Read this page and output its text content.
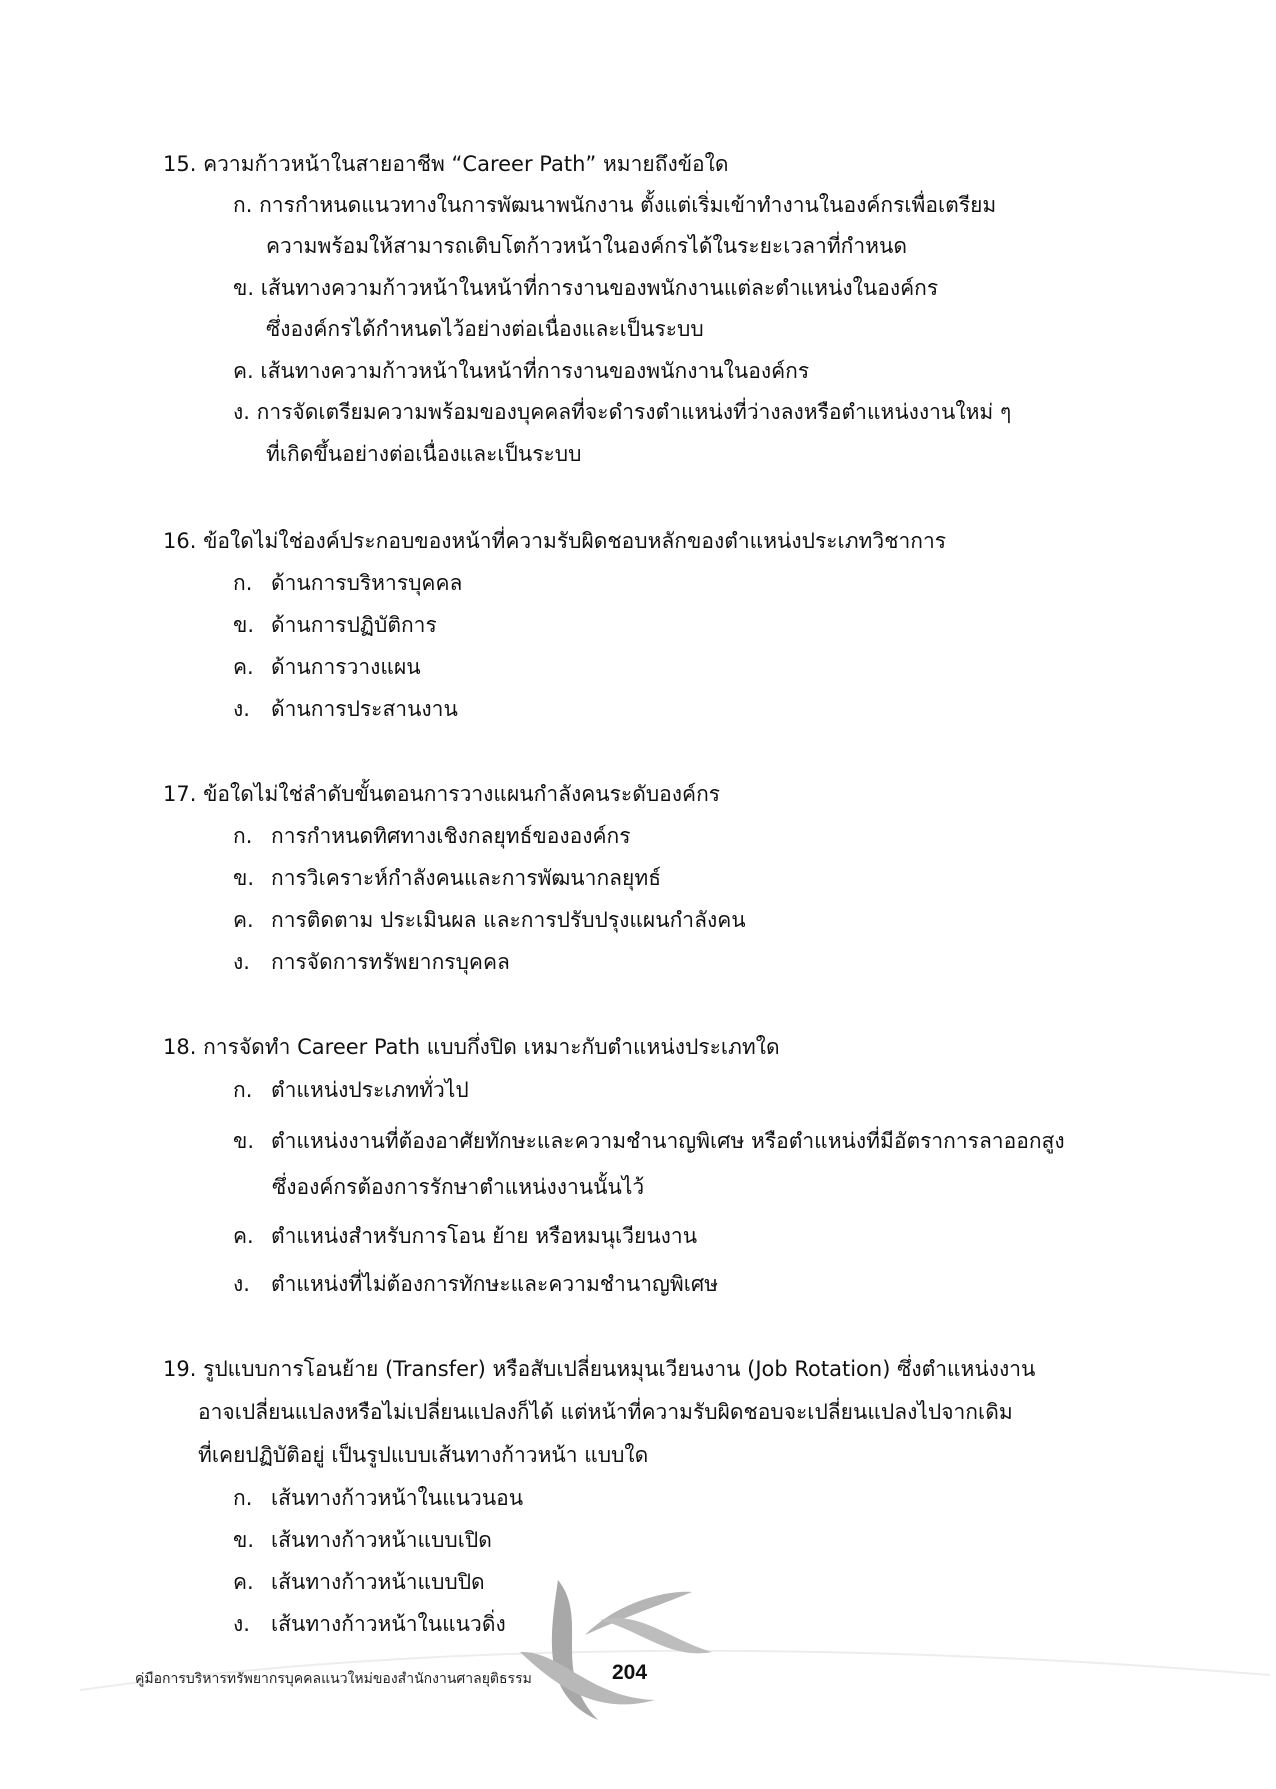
15. ความก้าวหน้าในสายอาชีพ “Career Path” หมายถึงข้อใด
ก. การกำหนดแนวทางในการพัฒนาพนักงาน ตั้งแต่เริ่มเข้าทำงานในองค์กรเพื่อเตรียม
ความพร้อมให้สามารถเติบโตก้าวหน้าในองค์กรได้ในระยะเวลาที่กำหนด
ข. เส้นทางความก้าวหน้าในหน้าที่การงานของพนักงานแต่ละตำแหน่งในองค์กร
ซึ่งองค์กรได้กำหนดไว้อย่างต่อเนื่องและเป็นระบบ
ค. เส้นทางความก้าวหน้าในหน้าที่การงานของพนักงานในองค์กร
ง. การจัดเตรียมความพร้อมของบุคคลที่จะดำรงตำแหน่งที่ว่างลงหรือตำแหน่งงานใหม่ ๆ
ที่เกิดขึ้นอย่างต่อเนื่องและเป็นระบบ
16. ข้อใดไม่ใช่องค์ประกอบของหน้าที่ความรับผิดชอบหลักของตำแหน่งประเภทวิชาการ
ก. ด้านการบริหารบุคคล
ข. ด้านการปฏิบัติการ
ค. ด้านการวางแผน
ง. ด้านการประสานงาน
17. ข้อใดไม่ใช่ลำดับขั้นตอนการวางแผนกำลังคนระดับองค์กร
ก. การกำหนดทิศทางเชิงกลยุทธ์ขององค์กร
ข. การวิเคราะห์กำลังคนและการพัฒนากลยุทธ์
ค. การติดตาม ประเมินผล และการปรับปรุงแผนกำลังคน
ง. การจัดการทรัพยากรบุคคล
18. การจัดทำ Career Path แบบกึ่งปิด เหมาะกับตำแหน่งประเภทใด
ก. ตำแหน่งประเภททั่วไป
ข. ตำแหน่งงานที่ต้องอาศัยทักษะและความชำนาญพิเศษ หรือตำแหน่งที่มีอัตราการลาออกสูง
ซึ่งองค์กรต้องการรักษาตำแหน่งงานนั้นไว้
ค. ตำแหน่งสำหรับการโอน ย้าย หรือหมนุเวียนงาน
ง. ตำแหน่งที่ไม่ต้องการทักษะและความชำนาญพิเศษ
19. รูปแบบการโอนย้าย (Transfer) หรือสับเปลี่ยนหมุนเวียนงาน (Job Rotation) ซึ่งตำแหน่งงาน
อาจเปลี่ยนแปลงหรือไม่เปลี่ยนแปลงก็ได้ แต่หน้าที่ความรับผิดชอบจะเปลี่ยนแปลงไปจากเดิม
ที่เคยปฏิบัติอยู่ เป็นรูปแบบเส้นทางก้าวหน้า แบบใด
ก. เส้นทางก้าวหน้าในแนวนอน
ข. เส้นทางก้าวหน้าแบบเปิด
ค. เส้นทางก้าวหน้าแบบปิด
ง. เส้นทางก้าวหน้าในแนวดิ่ง
คู่มือการบริหารทรัพยากรบุคคลแนวใหม่ของสำนักงานศาลยุติธรรม	204
